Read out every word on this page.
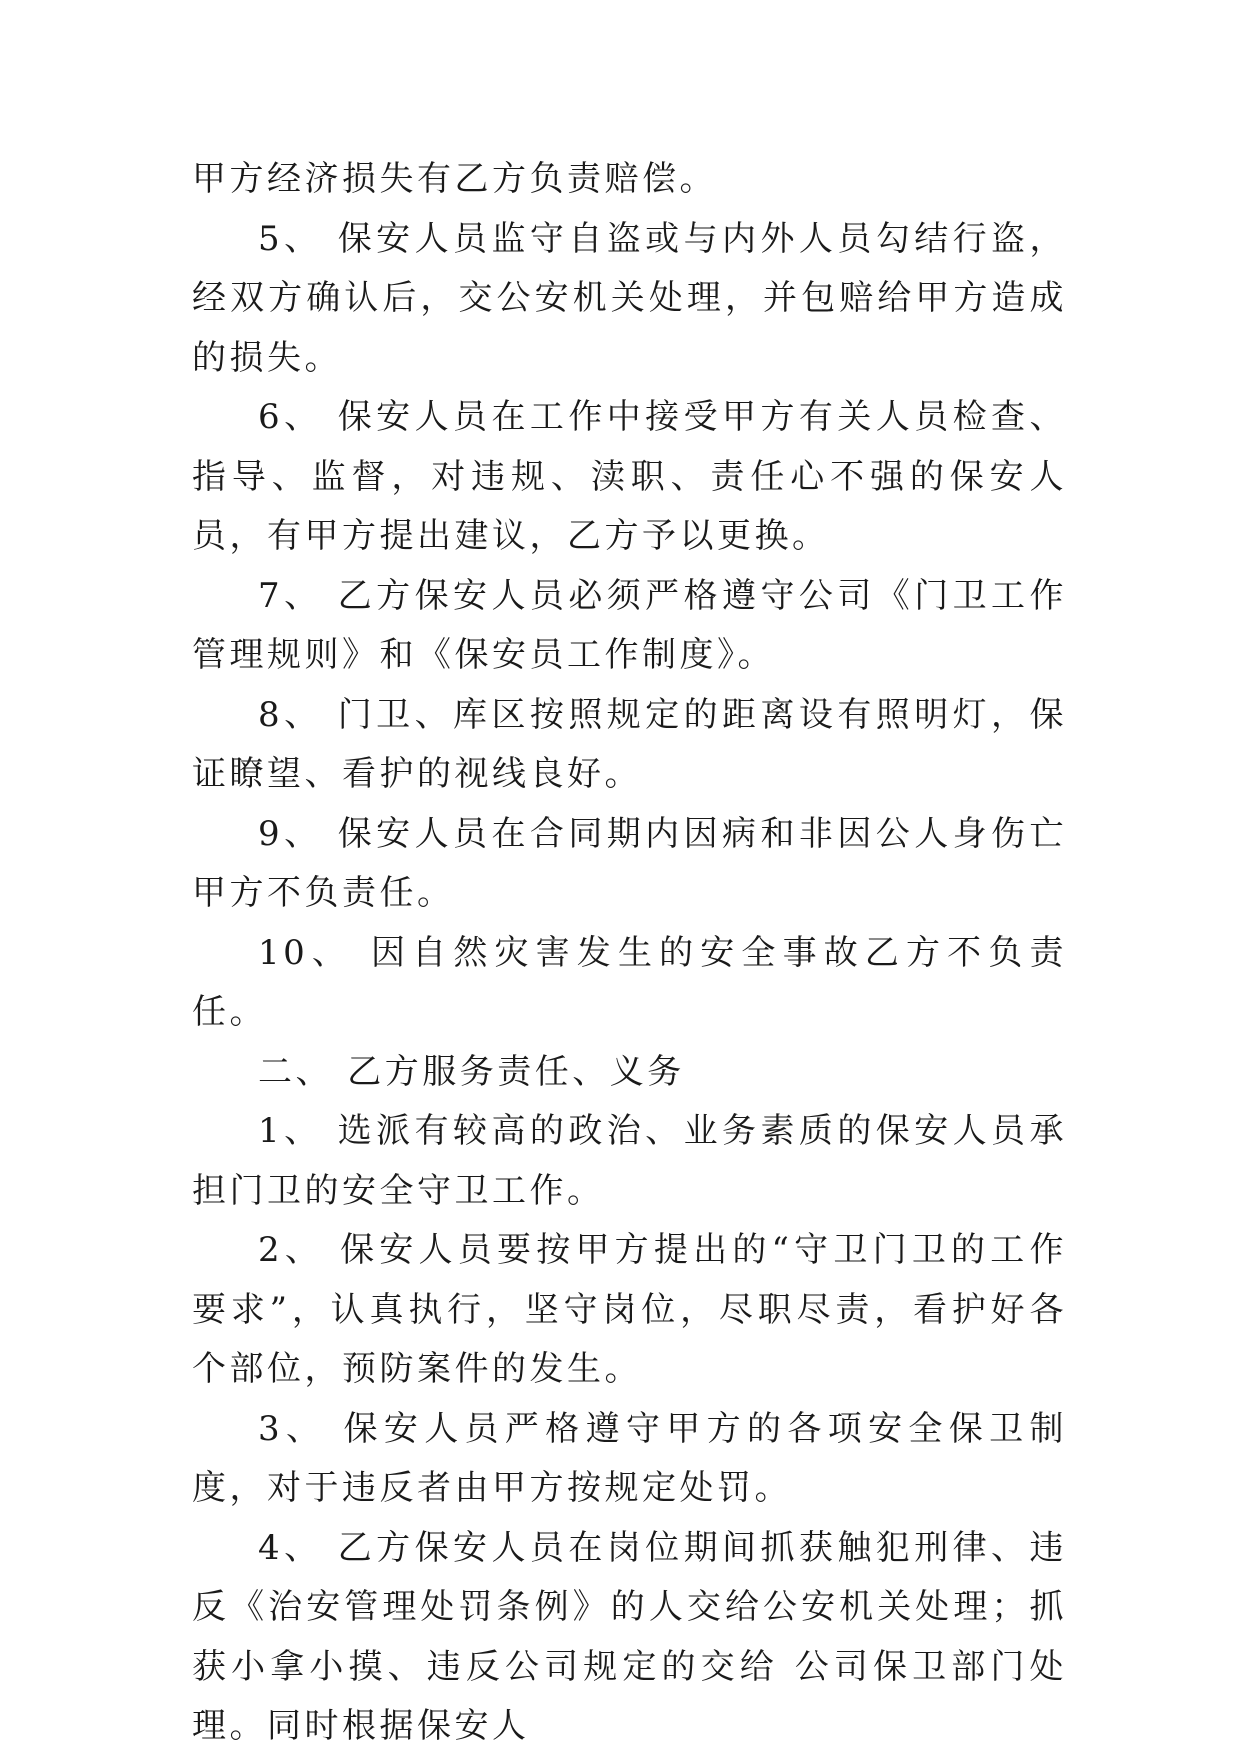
甲方经济损失有乙方负责赔偿。

5、 保安人员监守自盗或与内外人员勾结行盗，经双方确认后，交公安机关处理，并包赔给甲方造成的损失。

6、 保安人员在工作中接受甲方有关人员检查、指导、监督，对违规、渎职、责任心不强的保安人员，有甲方提出建议，乙方予以更换。

7、 乙方保安人员必须严格遵守公司《门卫工作管理规则》和《保安员工作制度》。

8、 门卫、库区按照规定的距离设有照明灯，保证瞭望、看护的视线良好。

9、 保安人员在合同期内因病和非因公人身伤亡甲方不负责任。

10、 因自然灾害发生的安全事故乙方不负责任。

二、 乙方服务责任、义务

1、 选派有较高的政治、业务素质的保安人员承担门卫的安全守卫工作。

2、 保安人员要按甲方提出的“守卫门卫的工作要求”，认真执行，坚守岗位，尽职尽责，看护好各个部位，预防案件的发生。

3、 保安人员严格遵守甲方的各项安全保卫制度，对于违反者由甲方按规定处罚。

4、 乙方保安人员在岗位期间抓获触犯刑律、违反《治安管理处罚条例》的人交给公安机关处理；抓获小拿小摸、违反公司规定的交给 公司保卫部门处理。同时根据保安人
